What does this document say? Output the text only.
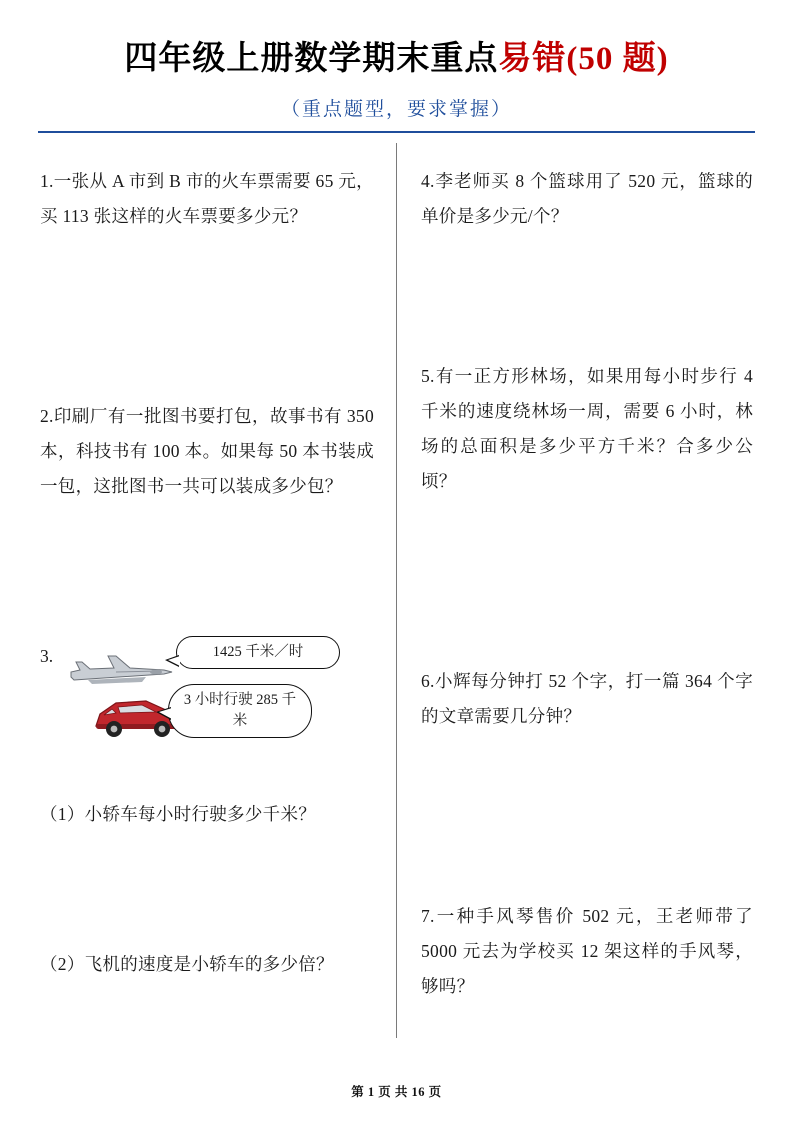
四年级上册数学期末重点易错(50 题)
（重点题型，要求掌握）

1.一张从 A 市到 B 市的火车票需要 65 元，买 113 张这样的火车票要多少元？

2.印刷厂有一批图书要打包，故事书有 350 本，科技书有 100 本。如果每 50 本书装成一包，这批图书一共可以装成多少包？

3.	1425 千米／时
3 小时行驶 285 千米

（1）小轿车每小时行驶多少千米？

（2）飞机的速度是小轿车的多少倍？

4.李老师买 8 个篮球用了 520 元，篮球的单价是多少元/个？

5.有一正方形林场，如果用每小时步行 4 千米的速度绕林场一周，需要 6 小时，林场的总面积是多少平方千米？合多少公顷？

6.小辉每分钟打 52 个字，打一篇 364 个字的文章需要几分钟？

7.一种手风琴售价 502 元，王老师带了 5000 元去为学校买 12 架这样的手风琴，够吗？

第 1 页 共 16 页
